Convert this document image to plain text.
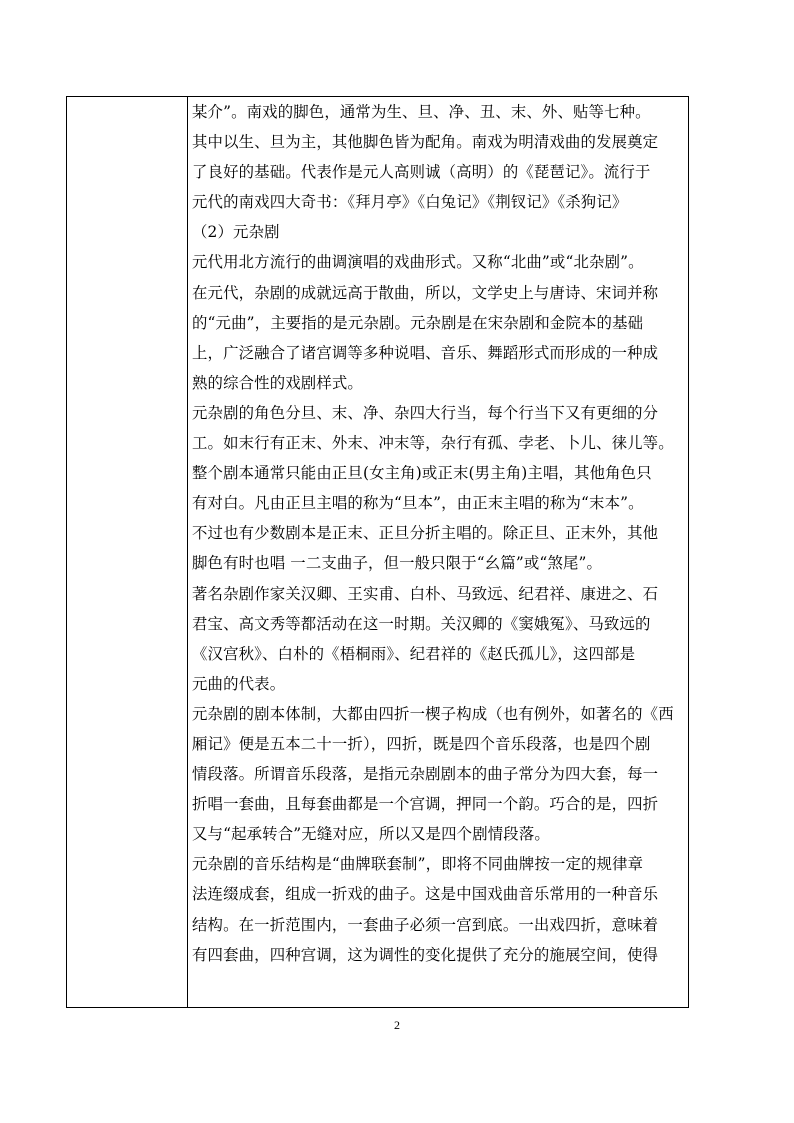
某介”。南戏的脚色，通常为生、旦、净、丑、末、外、贴等七种。
其中以生、旦为主，其他脚色皆为配角。南戏为明清戏曲的发展奠定
了良好的基础。代表作是元人高则诚（高明）的《琵琶记》。流行于
元代的南戏四大奇书：《拜月亭》《白兔记》《荆钗记》《杀狗记》
（2）元杂剧
元代用北方流行的曲调演唱的戏曲形式。又称“北曲”或“北杂剧”。
在元代，杂剧的成就远高于散曲，所以，文学史上与唐诗、宋词并称
的“元曲”，主要指的是元杂剧。元杂剧是在宋杂剧和金院本的基础
上，广泛融合了诸宫调等多种说唱、音乐、舞蹈形式而形成的一种成
熟的综合性的戏剧样式。
元杂剧的角色分旦、末、净、杂四大行当，每个行当下又有更细的分
工。如末行有正末、外末、冲末等，杂行有孤、孛老、卜儿、徕儿等。
整个剧本通常只能由正旦(女主角)或正末(男主角)主唱，其他角色只
有对白。凡由正旦主唱的称为“旦本”，由正末主唱的称为“末本”。
不过也有少数剧本是正末、正旦分折主唱的。除正旦、正末外，其他
脚色有时也唱 一二支曲子，但一般只限于“幺篇”或“煞尾”。
著名杂剧作家关汉卿、王实甫、白朴、马致远、纪君祥、康进之、石
君宝、高文秀等都活动在这一时期。关汉卿的《窦娥冤》、马致远的
《汉宫秋》、白朴的《梧桐雨》、纪君祥的《赵氏孤儿》，这四部是
元曲的代表。
元杂剧的剧本体制，大都由四折一楔子构成（也有例外，如著名的《西
厢记》便是五本二十一折），四折，既是四个音乐段落，也是四个剧
情段落。所谓音乐段落，是指元杂剧剧本的曲子常分为四大套，每一
折唱一套曲，且每套曲都是一个宫调，押同一个韵。巧合的是，四折
又与“起承转合”无缝对应，所以又是四个剧情段落。
元杂剧的音乐结构是“曲牌联套制”，即将不同曲牌按一定的规律章
法连缀成套，组成一折戏的曲子。这是中国戏曲音乐常用的一种音乐
结构。在一折范围内，一套曲子必须一宫到底。一出戏四折，意味着
有四套曲，四种宫调，这为调性的变化提供了充分的施展空间，使得
2
